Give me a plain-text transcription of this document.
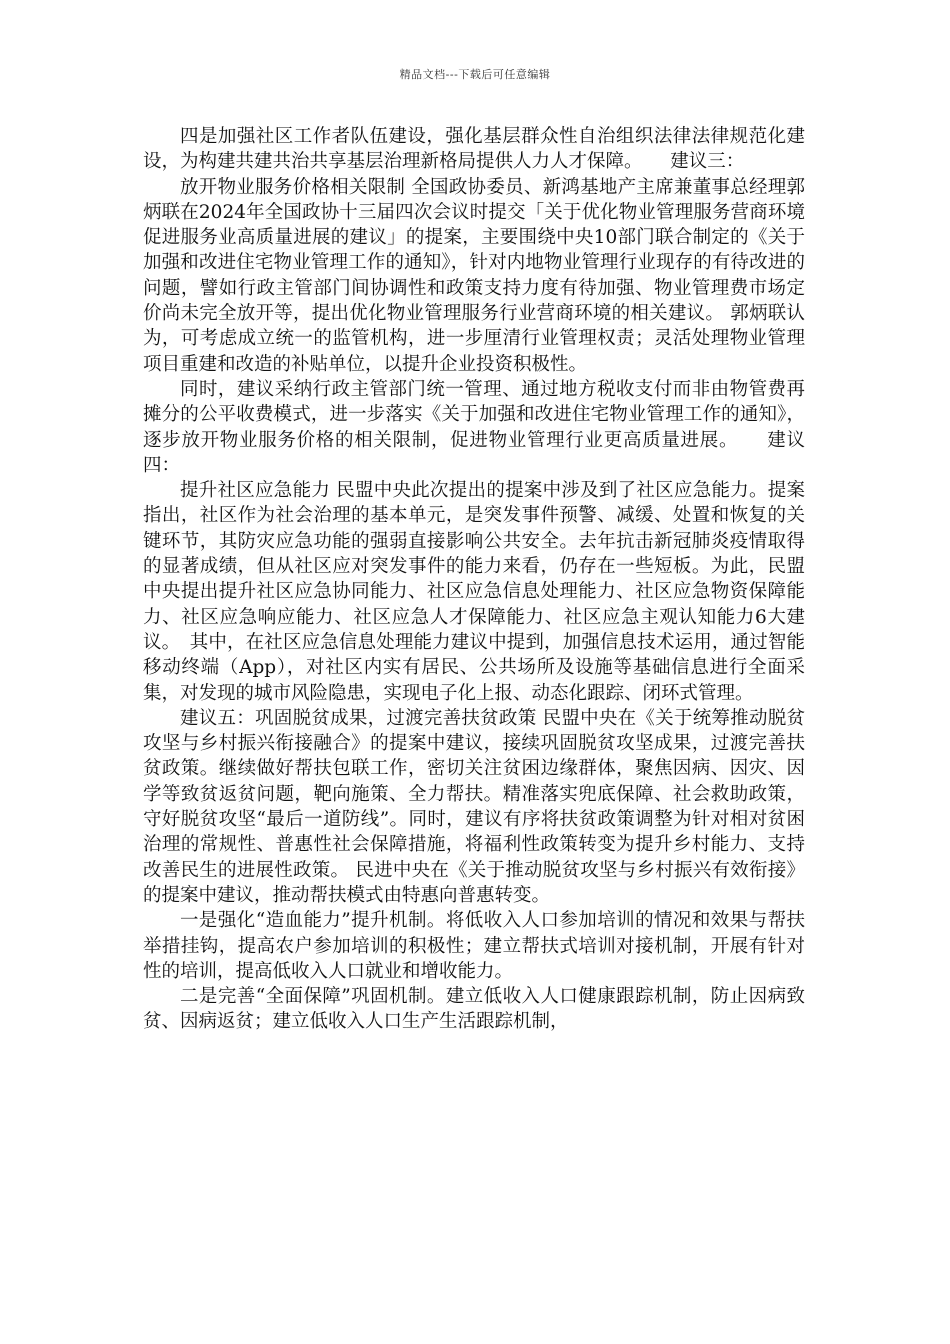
精品文档---下载后可任意编辑

四是加强社区工作者队伍建设，强化基层群众性自治组织法律法律规范化建设，为构建共建共治共享基层治理新格局提供人力人才保障。　　建议三：

放开物业服务价格相关限制 全国政协委员、新鸿基地产主席兼董事总经理郭炳联在2024年全国政协十三届四次会议时提交「关于优化物业管理服务营商环境促进服务业高质量进展的建议」的提案，主要围绕中央10部门联合制定的《关于加强和改进住宅物业管理工作的通知》，针对内地物业管理行业现存的有待改进的问题，譬如行政主管部门间协调性和政策支持力度有待加强、物业管理费市场定价尚未完全放开等，提出优化物业管理服务行业营商环境的相关建议。 郭炳联认为，可考虑成立统一的监管机构，进一步厘清行业管理权责；灵活处理物业管理项目重建和改造的补贴单位，以提升企业投资积极性。

同时，建议采纳行政主管部门统一管理、通过地方税收支付而非由物管费再摊分的公平收费模式，进一步落实《关于加强和改进住宅物业管理工作的通知》，逐步放开物业服务价格的相关限制，促进物业管理行业更高质量进展。　　建议四：

提升社区应急能力 民盟中央此次提出的提案中涉及到了社区应急能力。提案指出，社区作为社会治理的基本单元，是突发事件预警、减缓、处置和恢复的关键环节，其防灾应急功能的强弱直接影响公共安全。去年抗击新冠肺炎疫情取得的显著成绩，但从社区应对突发事件的能力来看，仍存在一些短板。为此，民盟中央提出提升社区应急协同能力、社区应急信息处理能力、社区应急物资保障能力、社区应急响应能力、社区应急人才保障能力、社区应急主观认知能力6大建议。　其中，在社区应急信息处理能力建议中提到，加强信息技术运用，通过智能移动终端（App），对社区内实有居民、公共场所及设施等基础信息进行全面采集，对发现的城市风险隐患，实现电子化上报、动态化跟踪、闭环式管理。

建议五：巩固脱贫成果，过渡完善扶贫政策 民盟中央在《关于统筹推动脱贫攻坚与乡村振兴衔接融合》的提案中建议，接续巩固脱贫攻坚成果，过渡完善扶贫政策。继续做好帮扶包联工作，密切关注贫困边缘群体，聚焦因病、因灾、因学等致贫返贫问题，靶向施策、全力帮扶。精准落实兜底保障、社会救助政策，守好脱贫攻坚“最后一道防线”。同时，建议有序将扶贫政策调整为针对相对贫困治理的常规性、普惠性社会保障措施，将福利性政策转变为提升乡村能力、支持改善民生的进展性政策。 民进中央在《关于推动脱贫攻坚与乡村振兴有效衔接》的提案中建议，推动帮扶模式由特惠向普惠转变。

一是强化“造血能力”提升机制。将低收入人口参加培训的情况和效果与帮扶举措挂钩，提高农户参加培训的积极性；建立帮扶式培训对接机制，开展有针对性的培训，提高低收入人口就业和增收能力。

二是完善“全面保障”巩固机制。建立低收入人口健康跟踪机制，防止因病致贫、因病返贫；建立低收入人口生产生活跟踪机制，
